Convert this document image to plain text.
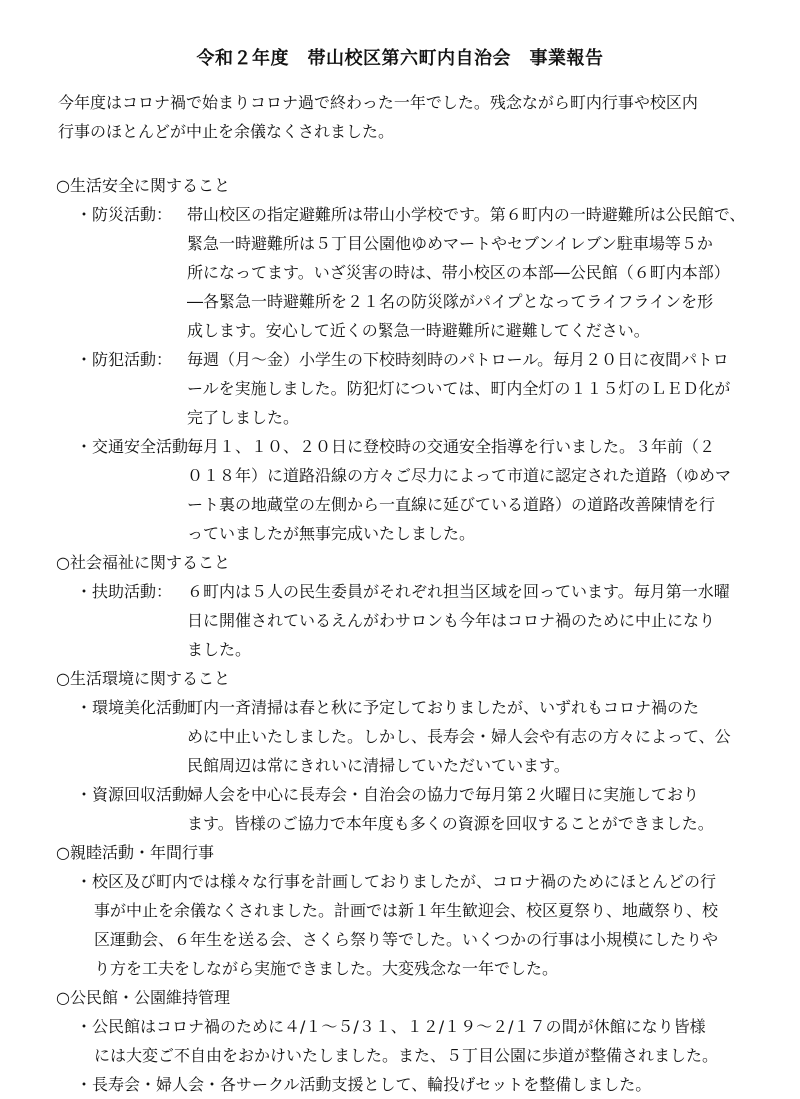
令和２年度　帯山校区第六町内自治会　事業報告

今年度はコロナ禍で始まりコロナ過で終わった一年でした。残念ながら町内行事や校区内

行事のほとんどが中止を余儀なくされました。

○生活安全に関すること

・防災活動： 帯山校区の指定避難所は帯山小学校です。第６町内の一時避難所は公民館で、
緊急一時避難所は５丁目公園他ゆめマートやセブンイレブン駐車場等５か
所になってます。いざ災害の時は、帯小校区の本部―公民館（６町内本部）
―各緊急一時避難所を２１名の防災隊がパイプとなってライフラインを形
成します。安心して近くの緊急一時避難所に避難してください。
・防犯活動： 毎週（月～金）小学生の下校時刻時のパトロール。毎月２０日に夜間パトロ
ールを実施しました。防犯灯については、町内全灯の１１５灯のＬＥＤ化が
完了しました。
・交通安全活動：
毎月１、１０、２０日に登校時の交通安全指導を行いました。３年前（２
０１８年）に道路沿線の方々ご尽力によって市道に認定された道路（ゆめマ
ート裏の地蔵堂の左側から一直線に延びている道路）の道路改善陳情を行
っていましたが無事完成いたしました。

○社会福祉に関すること

・扶助活動： ６町内は５人の民生委員がそれぞれ担当区域を回っています。毎月第一水曜
日に開催されているえんがわサロンも今年はコロナ禍のために中止になり
ました。

○生活環境に関すること

・環境美化活動：
町内一斉清掃は春と秋に予定しておりましたが、いずれもコロナ禍のた
めに中止いたしました。しかし、長寿会・婦人会や有志の方々によって、公
民館周辺は常にきれいに清掃していただいています。
・資源回収活動：
婦人会を中心に長寿会・自治会の協力で毎月第２火曜日に実施しており
ます。皆様のご協力で本年度も多くの資源を回収することができました。

○親睦活動・年間行事

・校区及び町内では様々な行事を計画しておりましたが、コロナ禍のためにほとんどの行
事が中止を余儀なくされました。計画では新１年生歓迎会、校区夏祭り、地蔵祭り、校
区運動会、６年生を送る会、さくら祭り等でした。いくつかの行事は小規模にしたりや
り方を工夫をしながら実施できました。大変残念な一年でした。

○公民館・公園維持管理

・公民館はコロナ禍のために４/１～５/３１、１２/１９～２/１７の間が休館になり皆様
には大変ご不自由をおかけいたしました。また、５丁目公園に歩道が整備されました。
・長寿会・婦人会・各サークル活動支援として、輪投げセットを整備しました。
